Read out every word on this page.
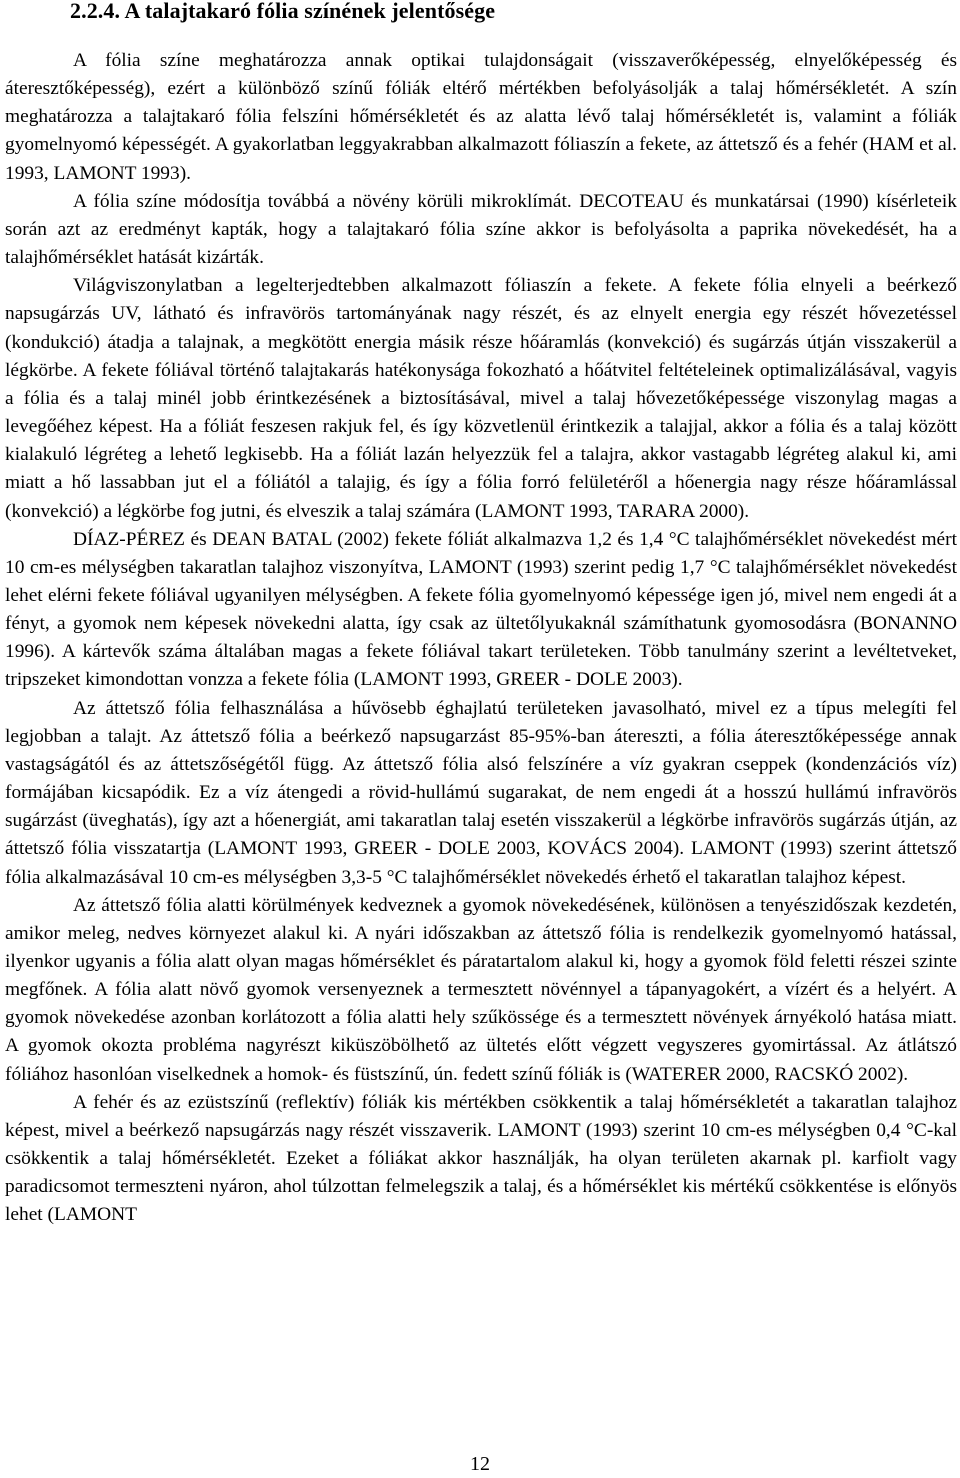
2.2.4. A talajtakaró fólia színének jelentősége

A fólia színe meghatározza annak optikai tulajdonságait (visszaverőképesség, elnyelőképesség és áteresztőképesség), ezért a különböző színű fóliák eltérő mértékben befolyásolják a talaj hőmérsékletét. A szín meghatározza a talajtakaró fólia felszíni hőmérsékletét és az alatta lévő talaj hőmérsékletét is, valamint a fóliák gyomelnyomó képességét. A gyakorlatban leggyakrabban alkalmazott fóliaszín a fekete, az áttetsző és a fehér (HAM et al. 1993, LAMONT 1993).

A fólia színe módosítja továbbá a növény körüli mikroklímát. DECOTEAU és munkatársai (1990) kísérleteik során azt az eredményt kapták, hogy a talajtakaró fólia színe akkor is befolyásolta a paprika növekedését, ha a talajhőmérséklet hatását kizárták.

Világviszonylatban a legelterjedtebben alkalmazott fóliaszín a fekete. A fekete fólia elnyeli a beérkező napsugárzás UV, látható és infravörös tartományának nagy részét, és az elnyelt energia egy részét hővezetéssel (kondukció) átadja a talajnak, a megkötött energia másik része hőáramlás (konvekció) és sugárzás útján visszakerül a légkörbe. A fekete fóliával történő talajtakarás hatékonysága fokozható a hőátvitel feltételeinek optimalizálásával, vagyis a fólia és a talaj minél jobb érintkezésének a biztosításával, mivel a talaj hővezetőképessége viszonylag magas a levegőéhez képest. Ha a fóliát feszesen rakjuk fel, és így közvetlenül érintkezik a talajjal, akkor a fólia és a talaj között kialakuló légréteg a lehető legkisebb. Ha a fóliát lazán helyezzük fel a talajra, akkor vastagabb légréteg alakul ki, ami miatt a hő lassabban jut el a fóliától a talajig, és így a fólia forró felületéről a hőenergia nagy része hőáramlással (konvekció) a légkörbe fog jutni, és elveszik a talaj számára (LAMONT 1993, TARARA 2000).

DÍAZ-PÉREZ és DEAN BATAL (2002) fekete fóliát alkalmazva 1,2 és 1,4 °C talajhőmérséklet növekedést mért 10 cm-es mélységben takaratlan talajhoz viszonyítva, LAMONT (1993) szerint pedig 1,7 °C talajhőmérséklet növekedést lehet elérni fekete fóliával ugyanilyen mélységben. A fekete fólia gyomelnyomó képessége igen jó, mivel nem engedi át a fényt, a gyomok nem képesek növekedni alatta, így csak az ültetőlyukaknál számíthatunk gyomosodásra (BONANNO 1996). A kártevők száma általában magas a fekete fóliával takart területeken. Több tanulmány szerint a levéltetveket, tripszeket kimondottan vonzza a fekete fólia (LAMONT 1993, GREER - DOLE 2003).

Az áttetsző fólia felhasználása a hűvösebb éghajlatú területeken javasolható, mivel ez a típus melegíti fel legjobban a talajt. Az áttetsző fólia a beérkező napsugarzást 85-95%-ban átereszti, a fólia áteresztőképessége annak vastagságától és az áttetszőségétől függ. Az áttetsző fólia alsó felszínére a víz gyakran cseppek (kondenzációs víz) formájában kicsapódik. Ez a víz átengedi a rövid-hullámú sugarakat, de nem engedi át a hosszú hullámú infravörös sugárzást (üveghatás), így azt a hőenergiát, ami takaratlan talaj esetén visszakerül a légkörbe infravörös sugárzás útján, az áttetsző fólia visszatartja (LAMONT 1993, GREER - DOLE 2003, KOVÁCS 2004). LAMONT (1993) szerint áttetsző fólia alkalmazásával 10 cm-es mélységben 3,3-5 °C talajhőmérséklet növekedés érhető el takaratlan talajhoz képest.

Az áttetsző fólia alatti körülmények kedveznek a gyomok növekedésének, különösen a tenyészidőszak kezdetén, amikor meleg, nedves környezet alakul ki. A nyári időszakban az áttetsző fólia is rendelkezik gyomelnyomó hatással, ilyenkor ugyanis a fólia alatt olyan magas hőmérséklet és páratartalom alakul ki, hogy a gyomok föld feletti részei szinte megfőnek. A fólia alatt növő gyomok versenyeznek a termesztett növénnyel a tápanyagokért, a vízért és a helyért. A gyomok növekedése azonban korlátozott a fólia alatti hely szűkössége és a termesztett növények árnyékoló hatása miatt. A gyomok okozta probléma nagyrészt kiküszöbölhető az ültetés előtt végzett vegyszeres gyomirtással. Az átlátszó fóliához hasonlóan viselkednek a homok- és füstszínű, ún. fedett színű fóliák is (WATERER 2000, RACSKÓ 2002).

A fehér és az ezüstszínű (reflektív) fóliák kis mértékben csökkentik a talaj hőmérsékletét a takaratlan talajhoz képest, mivel a beérkező napsugárzás nagy részét visszaverik. LAMONT (1993) szerint 10 cm-es mélységben 0,4 °C-kal csökkentik a talaj hőmérsékletét. Ezeket a fóliákat akkor használják, ha olyan területen akarnak pl. karfiolt vagy paradicsomot termeszteni nyáron, ahol túlzottan felmelegszik a talaj, és a hőmérséklet kis mértékű csökkentése is előnyös lehet (LAMONT

12
